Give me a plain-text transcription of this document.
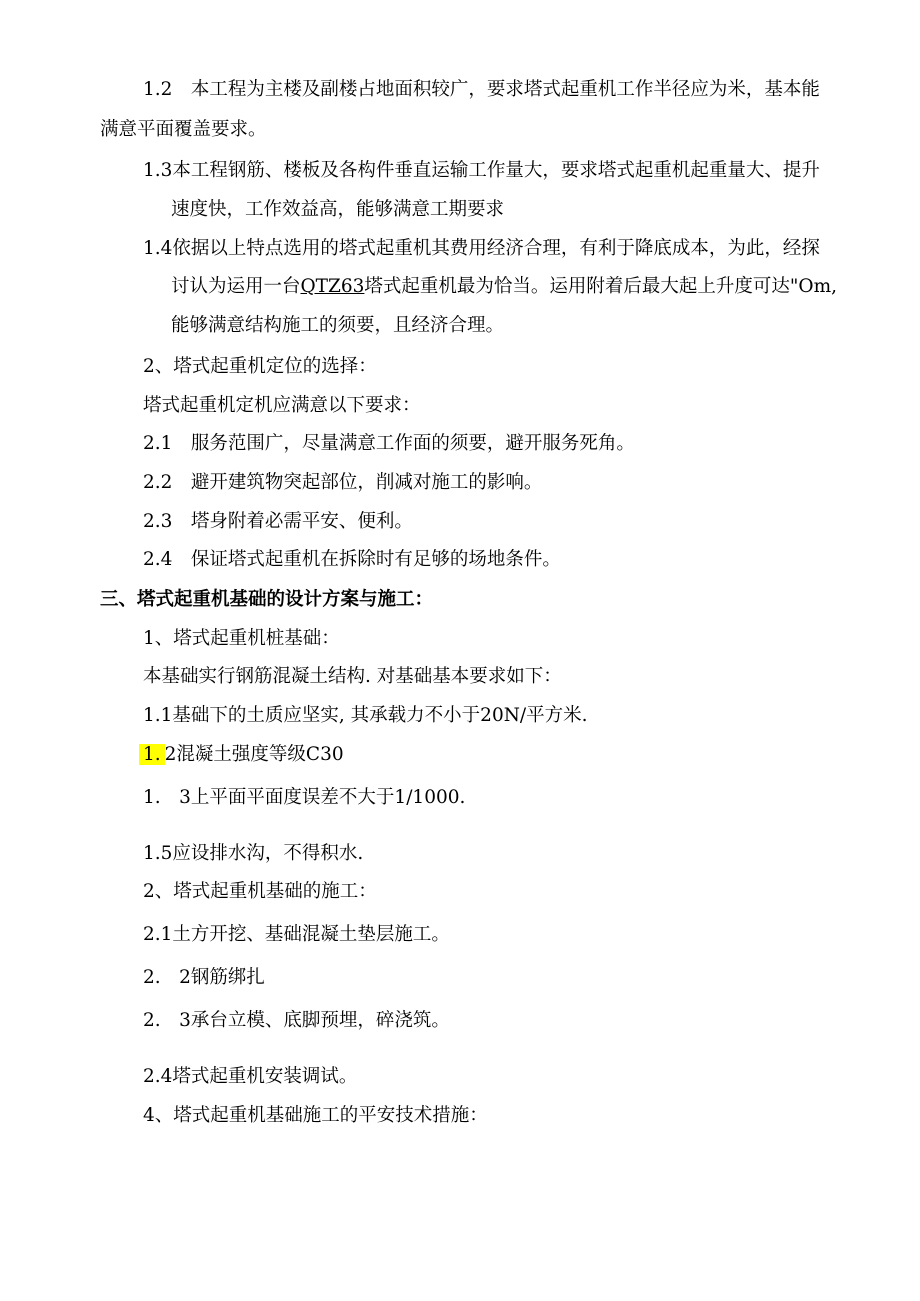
1.2　本工程为主楼及副楼占地面积较广，要求塔式起重机工作半径应为米，基本能

满意平面覆盖要求。

1.3本工程钢筋、楼板及各构件垂直运输工作量大，要求塔式起重机起重量大、提升

速度快，工作效益高，能够满意工期要求

1.4依据以上特点选用的塔式起重机其费用经济合理，有利于降底成本，为此，经探

讨认为运用一台QTZ63塔式起重机最为恰当。运用附着后最大起上升度可达"Om,

能够满意结构施工的须要，且经济合理。

2、塔式起重机定位的选择：

塔式起重机定机应满意以下要求：

2.1　服务范围广，尽量满意工作面的须要，避开服务死角。

2.2　避开建筑物突起部位，削减对施工的影响。

2.3　塔身附着必需平安、便利。

2.4　保证塔式起重机在拆除时有足够的场地条件。

三、塔式起重机基础的设计方案与施工：

1、塔式起重机桩基础：

本基础实行钢筋混凝土结构. 对基础基本要求如下：

1.1基础下的土质应坚实, 其承载力不小于20N/平方米.

1. 2混凝土强度等级C30

1.　3上平面平面度误差不大于1/1000.

1.5应设排水沟，不得积水.

2、塔式起重机基础的施工：

2.1土方开挖、基础混凝土垫层施工。

2.　2钢筋绑扎

2.　3承台立模、底脚预埋，碎浇筑。

2.4塔式起重机安装调试。

4、塔式起重机基础施工的平安技术措施：
